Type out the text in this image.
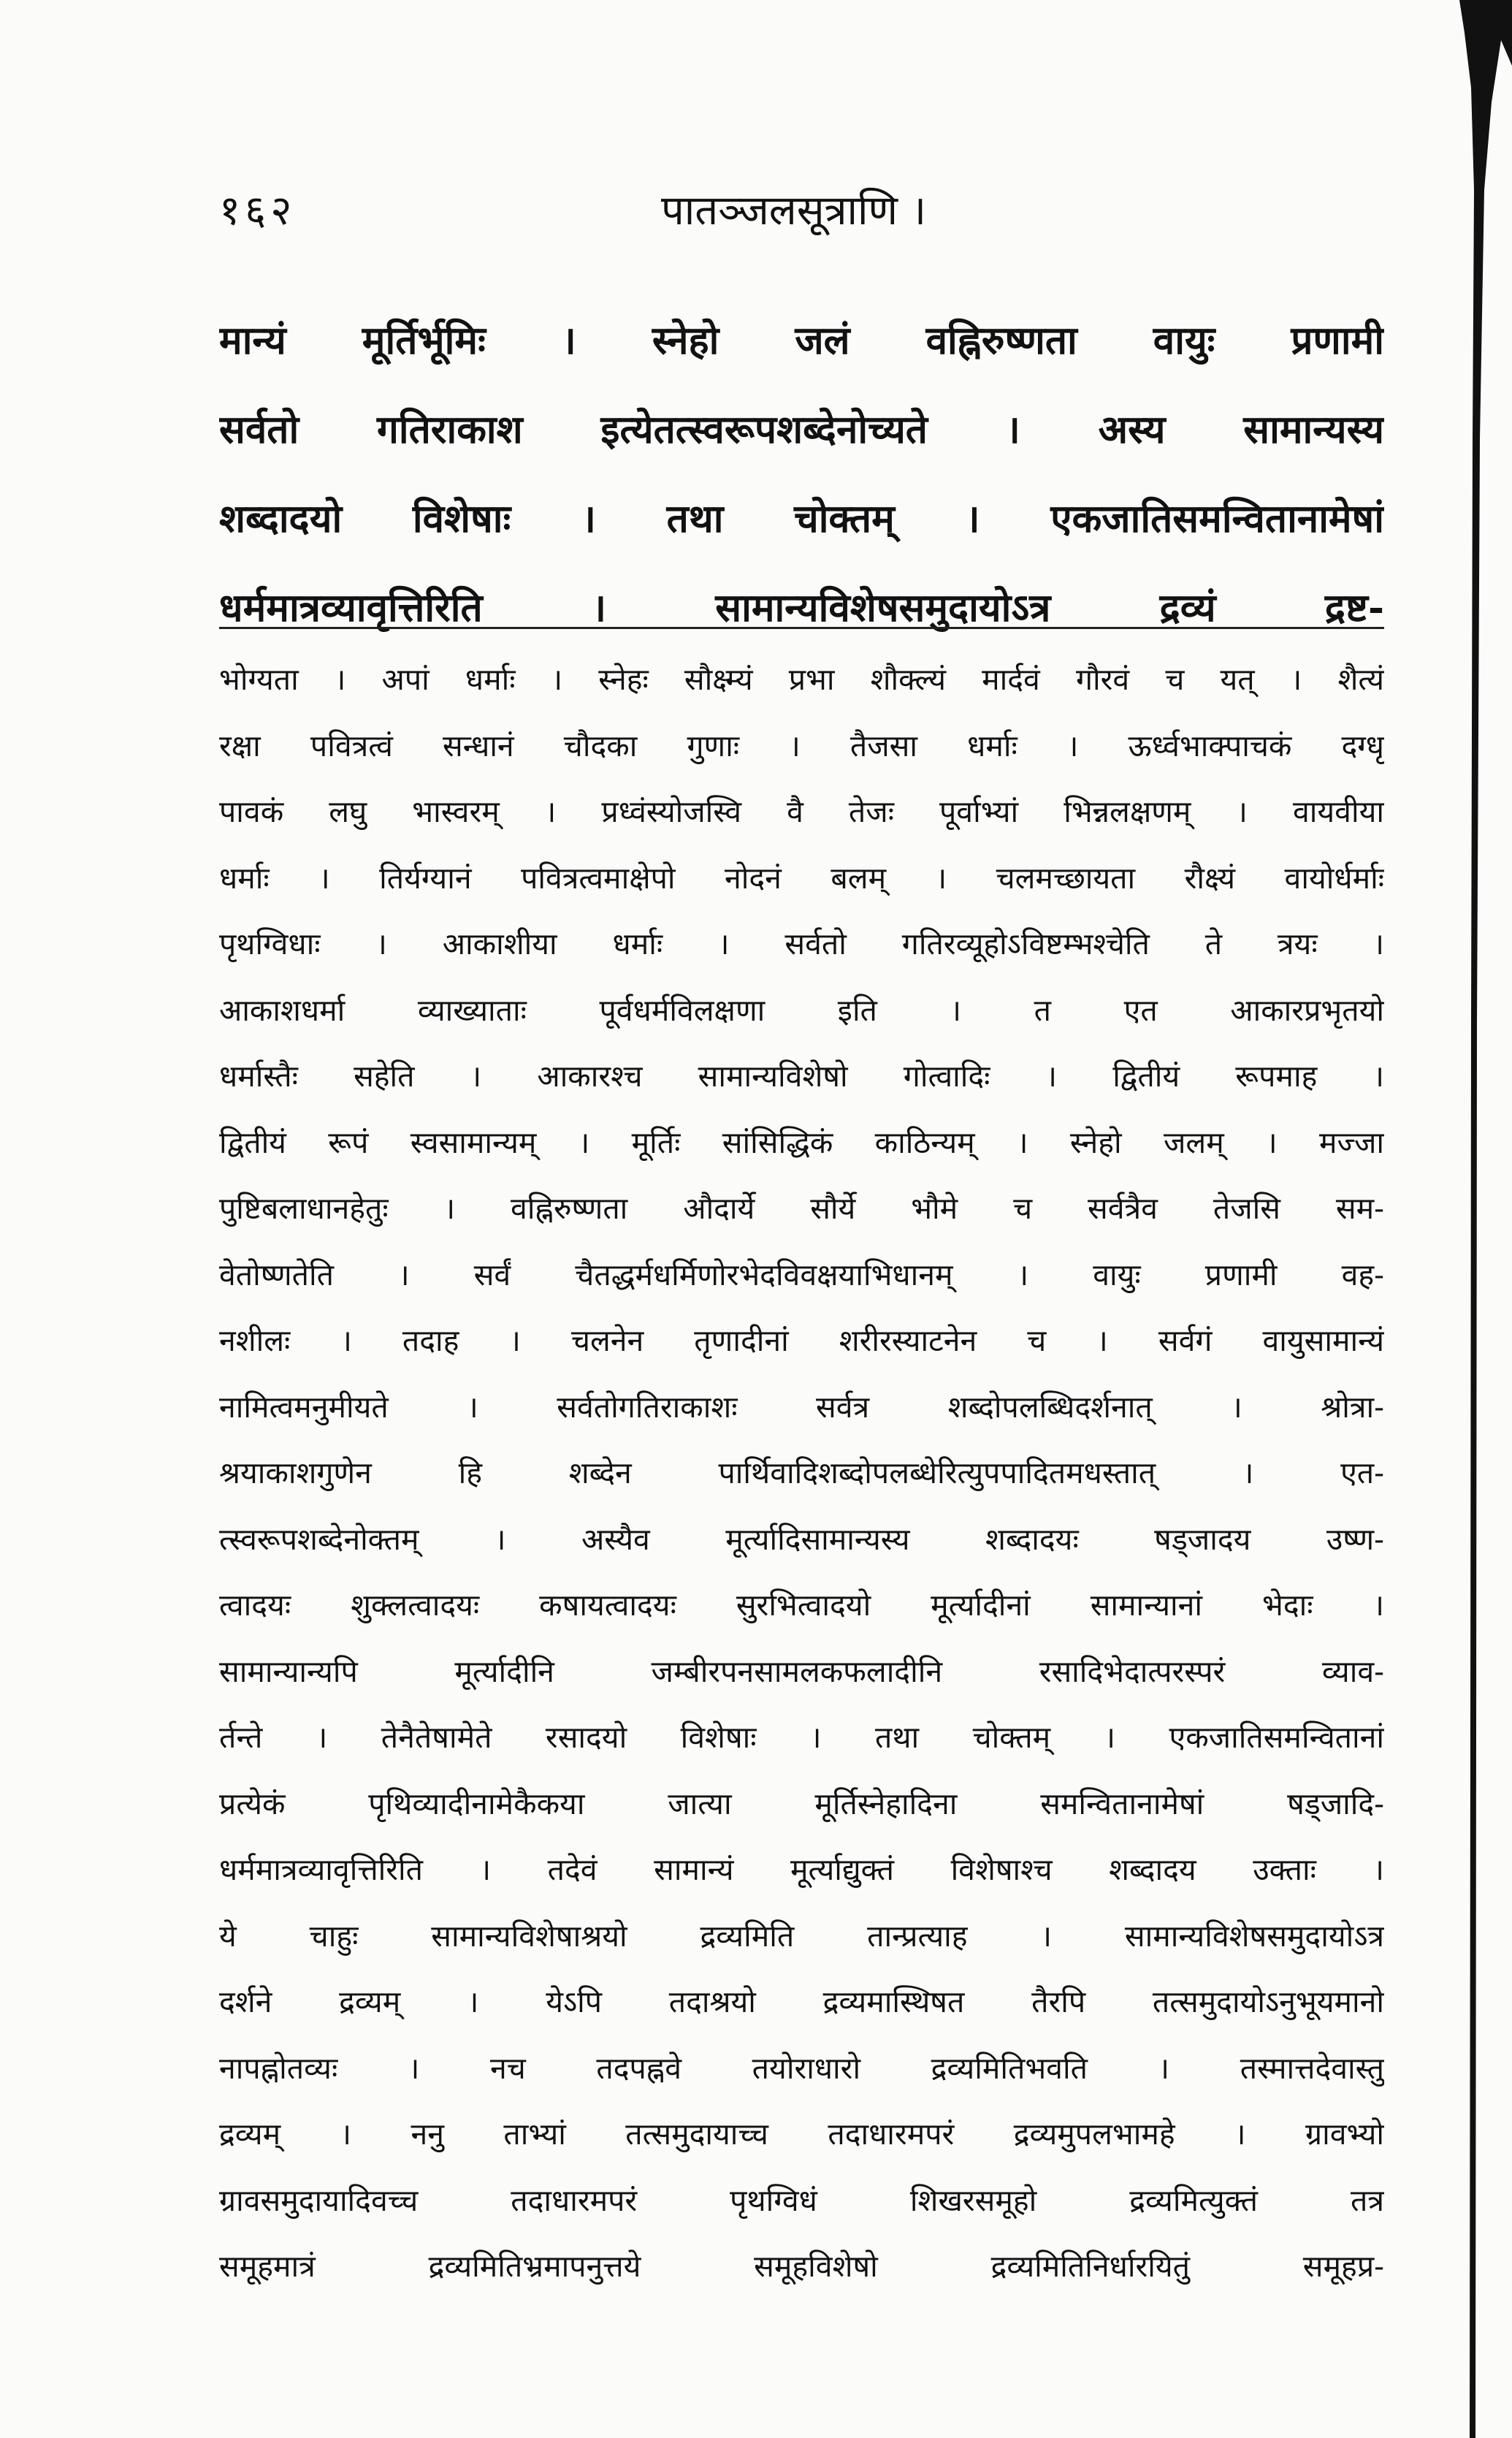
१६२	पातञ्जलसूत्राणि ।
मान्यं मूर्तिर्भूमिः । स्नेहो जलं वह्निरुष्णता वायुः प्रणामी
सर्वतो गतिराकाश इत्येतत्स्वरूपशब्देनोच्यते । अस्य सामान्यस्य
शब्दादयो विशेषाः । तथा चोक्तम् । एकजातिसमन्वितानामेषां
धर्ममात्रव्यावृत्तिरिति । सामान्यविशेषसमुदायोऽत्र द्रव्यं द्रष्ट-
भोग्यता । अपां धर्माः । स्नेहः सौक्ष्म्यं प्रभा शौक्ल्यं मार्दवं गौरवं च यत् । शैत्यं
रक्षा पवित्रत्वं सन्धानं चौदका गुणाः । तैजसा धर्माः । ऊर्ध्वभाक्पाचकं दग्धृ
पावकं लघु भास्वरम् । प्रध्वंस्योजस्वि वै तेजः पूर्वाभ्यां भिन्नलक्षणम् । वायवीया
धर्माः । तिर्यग्यानं पवित्रत्वमाक्षेपो नोदनं बलम् । चलमच्छायता रौक्ष्यं वायोर्धर्माः
पृथग्विधाः । आकाशीया धर्माः । सर्वतो गतिरव्यूहोऽविष्टम्भश्चेति ते त्रयः ।
आकाशधर्मा व्याख्याताः पूर्वधर्मविलक्षणा इति । त एत आकारप्रभृतयो
धर्मास्तैः सहेति । आकारश्च सामान्यविशेषो गोत्वादिः । द्वितीयं रूपमाह ।
द्वितीयं रूपं स्वसामान्यम् । मूर्तिः सांसिद्धिकं काठिन्यम् । स्नेहो जलम् । मज्जा
पुष्टिबलाधानहेतुः । वह्निरुष्णता औदार्ये सौर्ये भौमे च सर्वत्रैव तेजसि सम-
वेतोष्णतेति । सर्वं चैतद्धर्मधर्मिणोरभेदविवक्षयाभिधानम् । वायुः प्रणामी वह-
नशीलः । तदाह । चलनेन तृणादीनां शरीरस्याटनेन च । सर्वगं वायुसामान्यं
नामित्वमनुमीयते । सर्वतोगतिराकाशः सर्वत्र शब्दोपलब्धिदर्शनात् । श्रोत्रा-
श्रयाकाशगुणेन हि शब्देन पार्थिवादिशब्दोपलब्धेरित्युपपादितमधस्तात् । एत-
त्स्वरूपशब्देनोक्तम् । अस्यैव मूर्त्यादिसामान्यस्य शब्दादयः षड्जादय उष्ण-
त्वादयः शुक्लत्वादयः कषायत्वादयः सुरभित्वादयो मूर्त्यादीनां सामान्यानां भेदाः ।
सामान्यान्यपि मूर्त्यादीनि जम्बीरपनसामलकफलादीनि रसादिभेदात्परस्परं व्याव-
र्तन्ते । तेनैतेषामेते रसादयो विशेषाः । तथा चोक्तम् । एकजातिसमन्वितानां
प्रत्येकं पृथिव्यादीनामेकैकया जात्या मूर्तिस्नेहादिना समन्वितानामेषां षड्जादि-
धर्ममात्रव्यावृत्तिरिति । तदेवं सामान्यं मूर्त्याद्युक्तं विशेषाश्च शब्दादय उक्ताः ।
ये चाहुः सामान्यविशेषाश्रयो द्रव्यमिति तान्प्रत्याह । सामान्यविशेषसमुदायोऽत्र
दर्शने द्रव्यम् । येऽपि तदाश्रयो द्रव्यमास्थिषत तैरपि तत्समुदायोऽनुभूयमानो
नापह्नोतव्यः । नच तदपह्नवे तयोराधारो द्रव्यमितिभवति । तस्मात्तदेवास्तु
द्रव्यम् । ननु ताभ्यां तत्समुदायाच्च तदाधारमपरं द्रव्यमुपलभामहे । ग्रावभ्यो
ग्रावसमुदायादिवच्च तदाधारमपरं पृथग्विधं शिखरसमूहो द्रव्यमित्युक्तं तत्र
समूहमात्रं द्रव्यमितिभ्रमापनुत्तये समूहविशेषो द्रव्यमितिनिर्धारयितुं समूहप्र-
